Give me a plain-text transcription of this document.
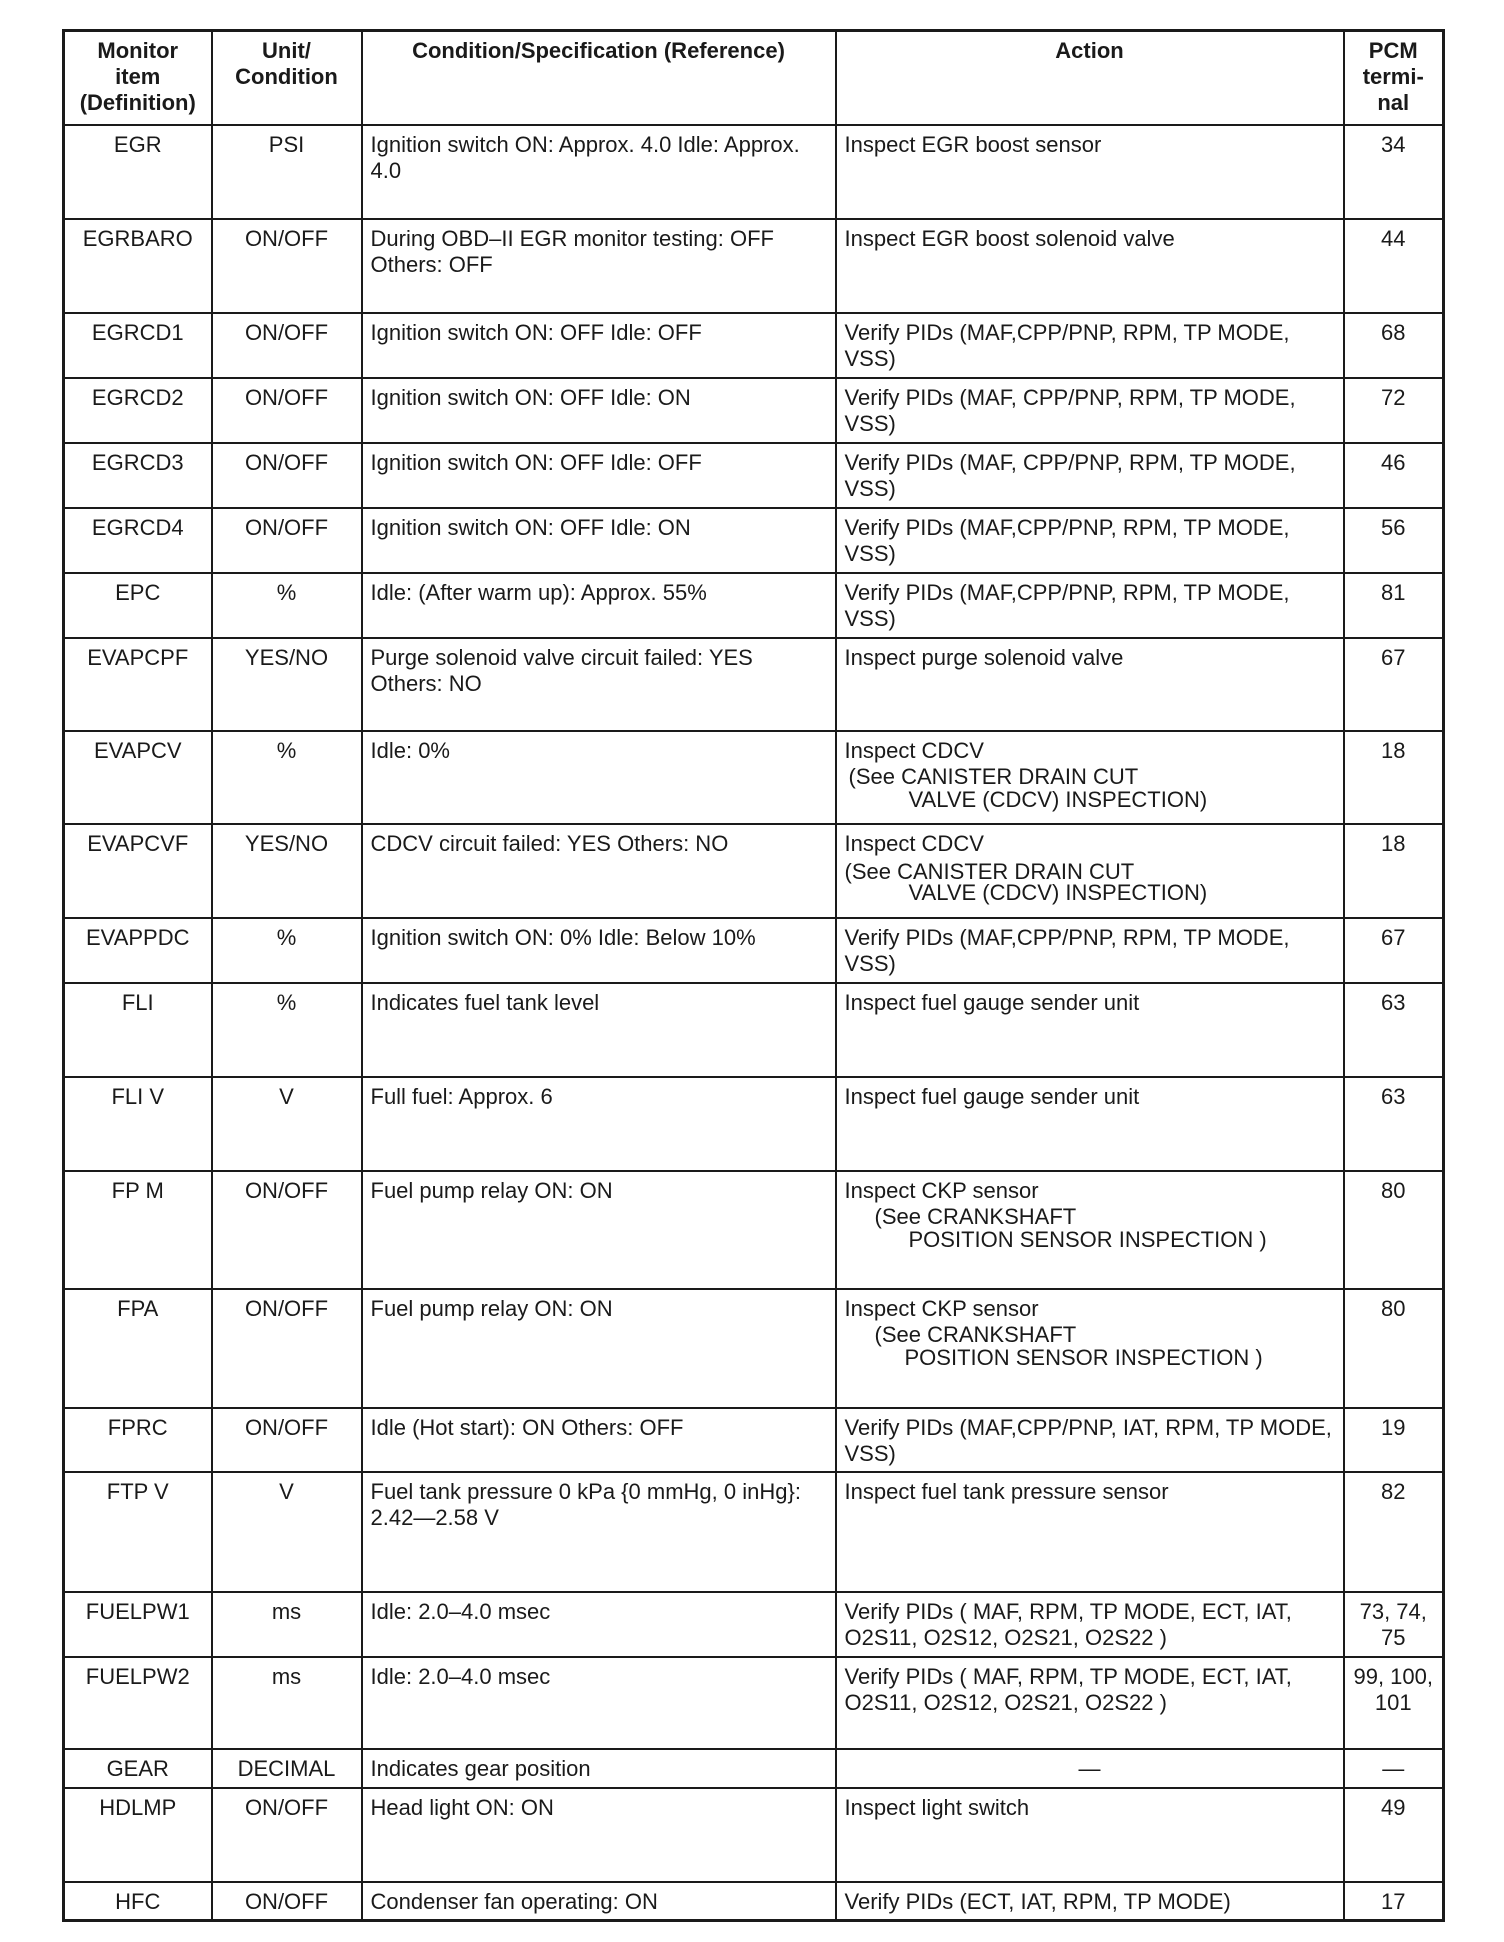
Monitor item (Definition)	Unit/ Condition	Condition/Specification (Reference)	Action	PCM termi-nal
EGR	PSI	Ignition switch ON: Approx. 4.0 Idle: Approx. 4.0	Inspect EGR boost sensor	34
EGRBARO	ON/OFF	During OBD–II EGR monitor testing: OFF Others: OFF	Inspect EGR boost solenoid valve	44
EGRCD1	ON/OFF	Ignition switch ON: OFF Idle: OFF	Verify PIDs (MAF,CPP/PNP, RPM, TP MODE, VSS)	68
EGRCD2	ON/OFF	Ignition switch ON: OFF Idle: ON	Verify PIDs (MAF, CPP/PNP, RPM, TP MODE, VSS)	72
EGRCD3	ON/OFF	Ignition switch ON: OFF Idle: OFF	Verify PIDs (MAF, CPP/PNP, RPM, TP MODE, VSS)	46
EGRCD4	ON/OFF	Ignition switch ON: OFF Idle: ON	Verify PIDs (MAF,CPP/PNP, RPM, TP MODE, VSS)	56
EPC	%	Idle: (After warm up): Approx. 55%	Verify PIDs (MAF,CPP/PNP, RPM, TP MODE, VSS)	81
EVAPCPF	YES/NO	Purge solenoid valve circuit failed: YES Others: NO	Inspect purge solenoid valve	67
EVAPCV	%	Idle: 0%	Inspect CDCV
(See CANISTER DRAIN CUT
VALVE (CDCV) INSPECTION)	18
EVAPCVF	YES/NO	CDCV circuit failed: YES Others: NO	Inspect CDCV
(See CANISTER DRAIN CUT
VALVE (CDCV) INSPECTION)	18
EVAPPDC	%	Ignition switch ON: 0% Idle: Below 10%	Verify PIDs (MAF,CPP/PNP, RPM, TP MODE, VSS)	67
FLI	%	Indicates fuel tank level	Inspect fuel gauge sender unit	63
FLI V	V	Full fuel: Approx. 6	Inspect fuel gauge sender unit	63
FP M	ON/OFF	Fuel pump relay ON: ON	Inspect CKP sensor
(See CRANKSHAFT
POSITION SENSOR INSPECTION )	80
FPA	ON/OFF	Fuel pump relay ON: ON	Inspect CKP sensor
(See CRANKSHAFT
POSITION SENSOR INSPECTION )	80
FPRC	ON/OFF	Idle (Hot start): ON Others: OFF	Verify PIDs (MAF,CPP/PNP, IAT, RPM, TP MODE, VSS)	19
FTP V	V	Fuel tank pressure 0 kPa {0 mmHg, 0 inHg}: 2.42—2.58 V	Inspect fuel tank pressure sensor	82
FUELPW1	ms	Idle: 2.0–4.0 msec	Verify PIDs ( MAF, RPM, TP MODE, ECT, IAT, O2S11, O2S12, O2S21, O2S22 )	73, 74, 75
FUELPW2	ms	Idle: 2.0–4.0 msec	Verify PIDs ( MAF, RPM, TP MODE, ECT, IAT, O2S11, O2S12, O2S21, O2S22 )	99, 100, 101
GEAR	DECIMAL	Indicates gear position	—	—
HDLMP	ON/OFF	Head light ON: ON	Inspect light switch	49
HFC	ON/OFF	Condenser fan operating: ON	Verify PIDs (ECT, IAT, RPM, TP MODE)	17
